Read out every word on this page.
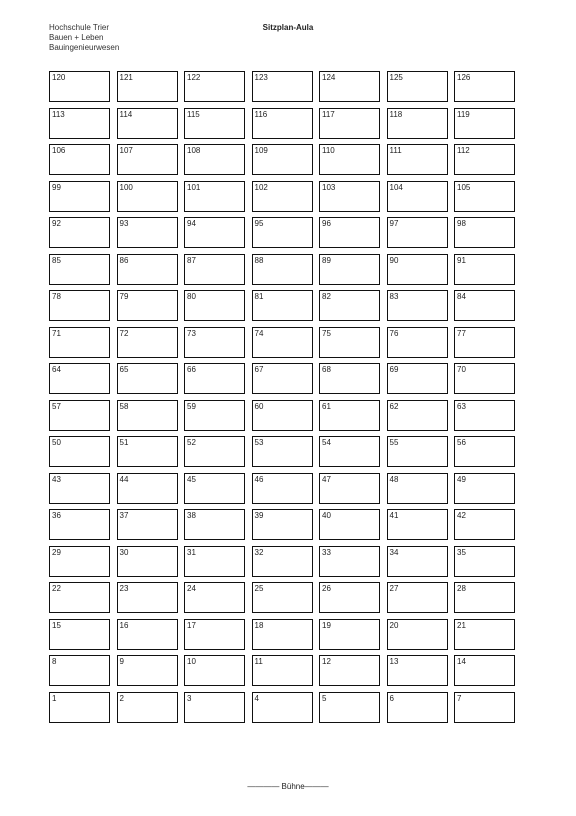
Hochschule Trier
Bauen + Leben
Bauingenieurwesen
Sitzplan-Aula
120	121	122	123	124	125	126
113	114	115	116	117	118	119
106	107	108	109	110	111	112
99	100	101	102	103	104	105
92	93	94	95	96	97	98
85	86	87	88	89	90	91
78	79	80	81	82	83	84
71	72	73	74	75	76	77
64	65	66	67	68	69	70
57	58	59	60	61	62	63
50	51	52	53	54	55	56
43	44	45	46	47	48	49
36	37	38	39	40	41	42
29	30	31	32	33	34	35
22	23	24	25	26	27	28
15	16	17	18	19	20	21
8	9	10	11	12	13	14
1	2	3	4	5	6	7
———— Bühne———
